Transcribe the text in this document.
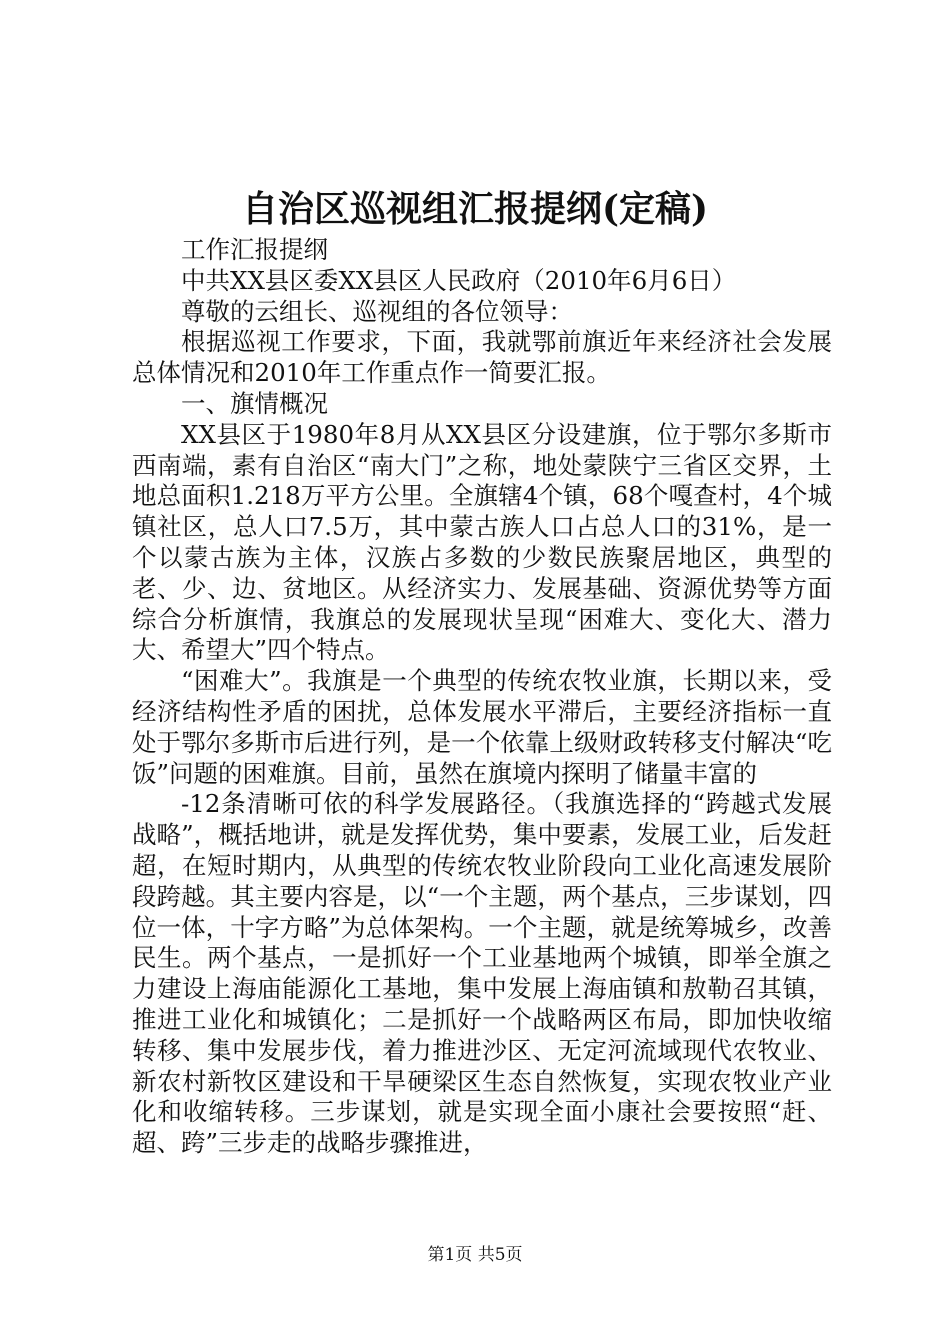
自治区巡视组汇报提纲(定稿)

工作汇报提纲

中共XX县区委XX县区人民政府（2010年6月6日）

尊敬的云组长、巡视组的各位领导：

根据巡视工作要求，下面，我就鄂前旗近年来经济社会发展总体情况和2010年工作重点作一简要汇报。

一、旗情概况

XX县区于1980年8月从XX县区分设建旗，位于鄂尔多斯市西南端，素有自治区“南大门”之称，地处蒙陕宁三省区交界，土地总面积1.218万平方公里。全旗辖4个镇，68个嘎查村，4个城镇社区，总人口7.5万，其中蒙古族人口占总人口的31%，是一个以蒙古族为主体，汉族占多数的少数民族聚居地区，典型的老、少、边、贫地区。从经济实力、发展基础、资源优势等方面综合分析旗情，我旗总的发展现状呈现“困难大、变化大、潜力大、希望大”四个特点。

“困难大”。我旗是一个典型的传统农牧业旗，长期以来，受经济结构性矛盾的困扰，总体发展水平滞后，主要经济指标一直处于鄂尔多斯市后进行列，是一个依靠上级财政转移支付解决“吃饭”问题的困难旗。目前，虽然在旗境内探明了储量丰富的

-12条清晰可依的科学发展路径。（我旗选择的“跨越式发展战略”，概括地讲，就是发挥优势，集中要素，发展工业，后发赶超，在短时期内，从典型的传统农牧业阶段向工业化高速发展阶段跨越。其主要内容是，以“一个主题，两个基点，三步谋划，四位一体，十字方略”为总体架构。一个主题，就是统筹城乡，改善民生。两个基点，一是抓好一个工业基地两个城镇，即举全旗之力建设上海庙能源化工基地，集中发展上海庙镇和敖勒召其镇，推进工业化和城镇化；二是抓好一个战略两区布局，即加快收缩转移、集中发展步伐，着力推进沙区、无定河流域现代农牧业、新农村新牧区建设和干旱硬梁区生态自然恢复，实现农牧业产业化和收缩转移。三步谋划，就是实现全面小康社会要按照“赶、超、跨”三步走的战略步骤推进，

第1页 共5页
